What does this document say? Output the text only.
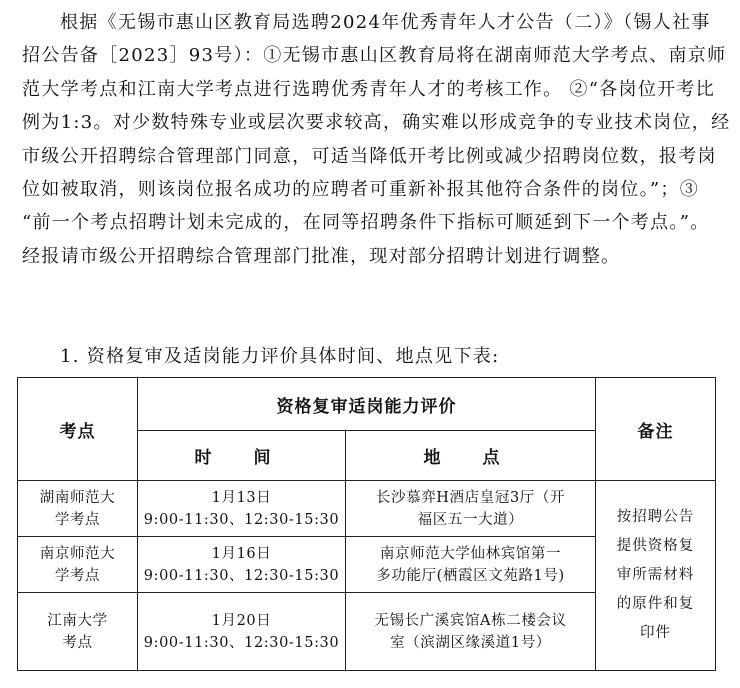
根据《无锡市惠山区教育局选聘2024年优秀青年人才公告（二）》（锡人社事
招公告备［2023］93号）：①无锡市惠山区教育局将在湖南师范大学考点、南京师
范大学考点和江南大学考点进行选聘优秀青年人才的考核工作。 ②“各岗位开考比
例为1:3。对少数特殊专业或层次要求较高，确实难以形成竞争的专业技术岗位，经
市级公开招聘综合管理部门同意，可适当降低开考比例或减少招聘岗位数，报考岗
位如被取消，则该岗位报名成功的应聘者可重新补报其他符合条件的岗位。”；③
“前一个考点招聘计划未完成的，在同等招聘条件下指标可顺延到下一个考点。”。
经报请市级公开招聘综合管理部门批准，现对部分招聘计划进行调整。
1. 资格复审及适岗能力评价具体时间、地点见下表:
考点	资格复审适岗能力评价		备注
	时 间	地 点	

湖南师范大
学考点	1月13日
9:00-11:30、12:30-15:30	长沙慕弈H酒店皇冠3厅（开
福区五一大道）	按招聘公告
提供资格复
审所需材料
的原件和复
印件

南京师范大
学考点	1月16日
9:00-11:30、12:30-15:30	南京师范大学仙林宾馆第一
多功能厅(栖霞区文苑路1号)	

江南大学
考点	1月20日
9:00-11:30、12:30-15:30	无锡长广溪宾馆A栋二楼会议
室（滨湖区缘溪道1号）	
